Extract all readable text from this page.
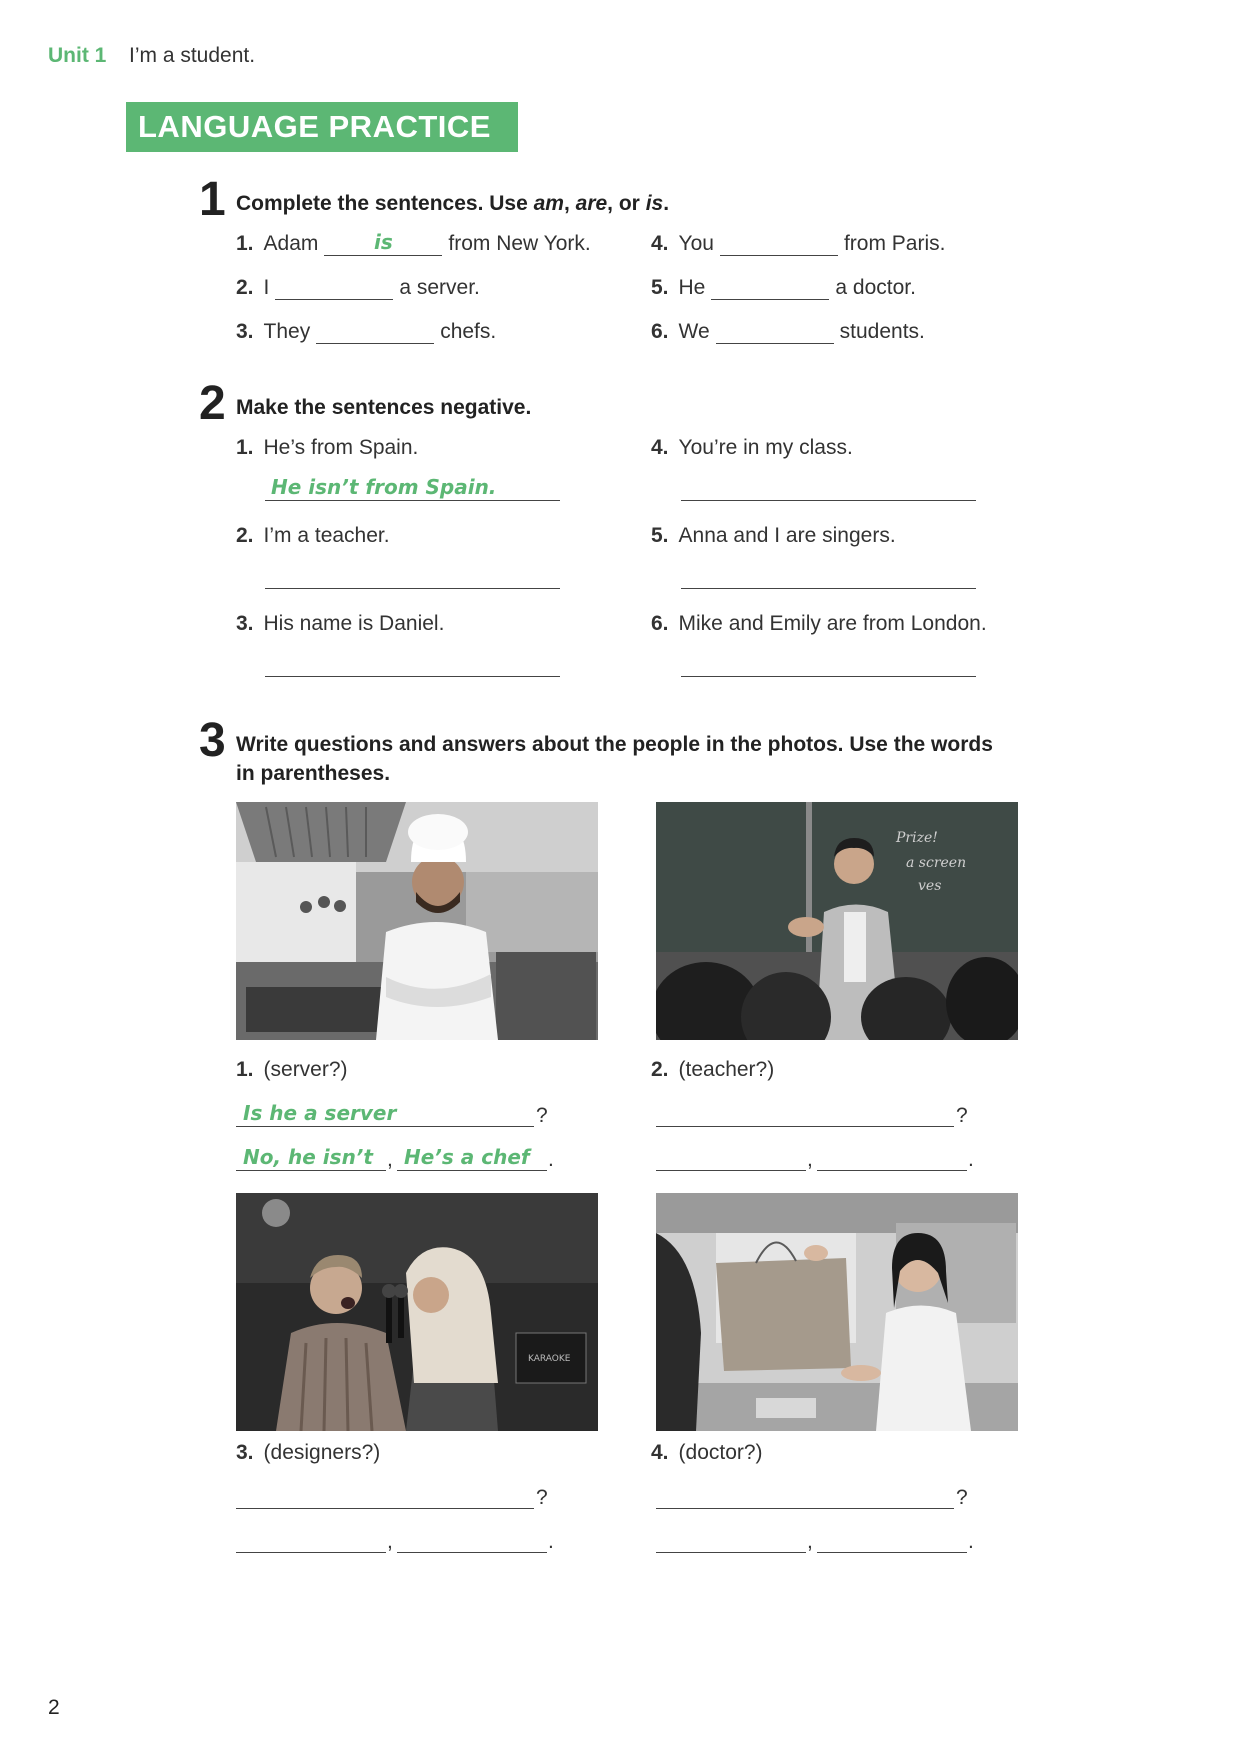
Unit 1 I’m a student.
LANGUAGE PRACTICE
1 Complete the sentences. Use am, are, or is.
1. Adam	is	from New York.
2. I	a server.
3. They	chefs.
4. You	from Paris.
5. He	a doctor.
6. We	students.
2 Make the sentences negative.
1. He’s from Spain.
He isn’t from Spain.
2. I’m a teacher.
3. His name is Daniel.
4. You’re in my class.
5. Anna and I are singers.
6. Mike and Emily are from London.
3 Write questions and answers about the people in the photos. Use the words
in parentheses.
Prize!
a screen
ves
1. (server?)	2. (teacher?)
Is he a server	?
No, he isn’t , He’s a chef .
?
,	.
KARAOKE
3. (designers?)	4. (doctor?)
?
,	.
?
,	.
2
